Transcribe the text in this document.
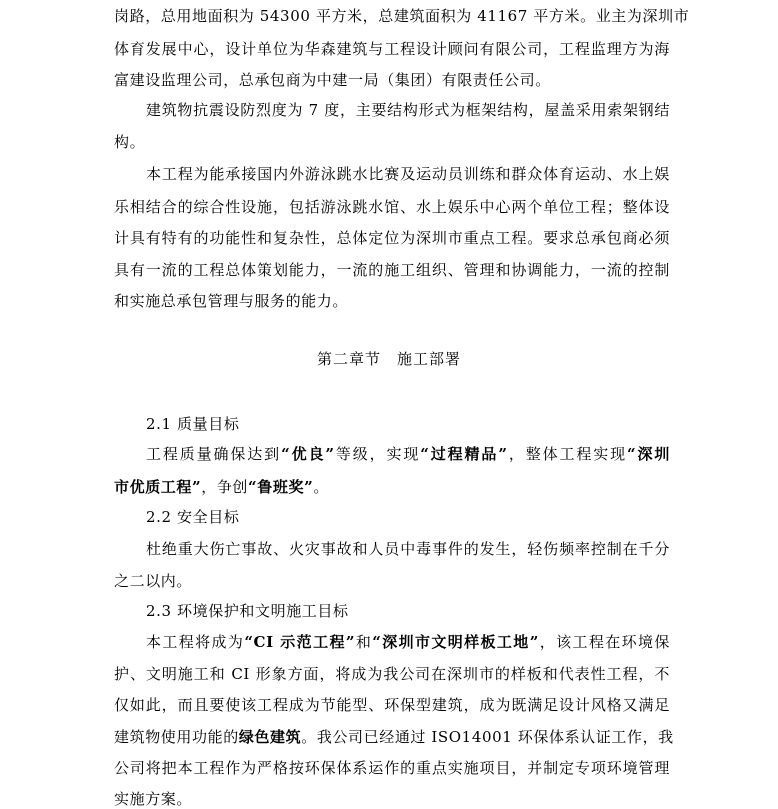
岗路，总用地面积为 54300 平方米，总建筑面积为 41167 平方米。业主为深圳市
体育发展中心，设计单位为华森建筑与工程设计顾问有限公司，工程监理方为海
富建设监理公司，总承包商为中建一局（集团）有限责任公司。
建筑物抗震设防烈度为 7 度，主要结构形式为框架结构，屋盖采用索架钢结
构。
本工程为能承接国内外游泳跳水比赛及运动员训练和群众体育运动、水上娱
乐相结合的综合性设施，包括游泳跳水馆、水上娱乐中心两个单位工程；整体设
计具有特有的功能性和复杂性，总体定位为深圳市重点工程。要求总承包商必须
具有一流的工程总体策划能力，一流的施工组织、管理和协调能力，一流的控制
和实施总承包管理与服务的能力。
第二章节　施工部署
2.1 质量目标
工程质量确保达到“优良”等级，实现“过程精品”，整体工程实现“深圳
市优质工程”，争创“鲁班奖”。
2.2 安全目标
杜绝重大伤亡事故、火灾事故和人员中毒事件的发生，轻伤频率控制在千分
之二以内。
2.3 环境保护和文明施工目标
本工程将成为“CI 示范工程”和“深圳市文明样板工地”，该工程在环境保
护、文明施工和 CI 形象方面，将成为我公司在深圳市的样板和代表性工程，不
仅如此，而且要使该工程成为节能型、环保型建筑，成为既满足设计风格又满足
建筑物使用功能的绿色建筑。我公司已经通过 ISO14001 环保体系认证工作，我
公司将把本工程作为严格按环保体系运作的重点实施项目，并制定专项环境管理
实施方案。
